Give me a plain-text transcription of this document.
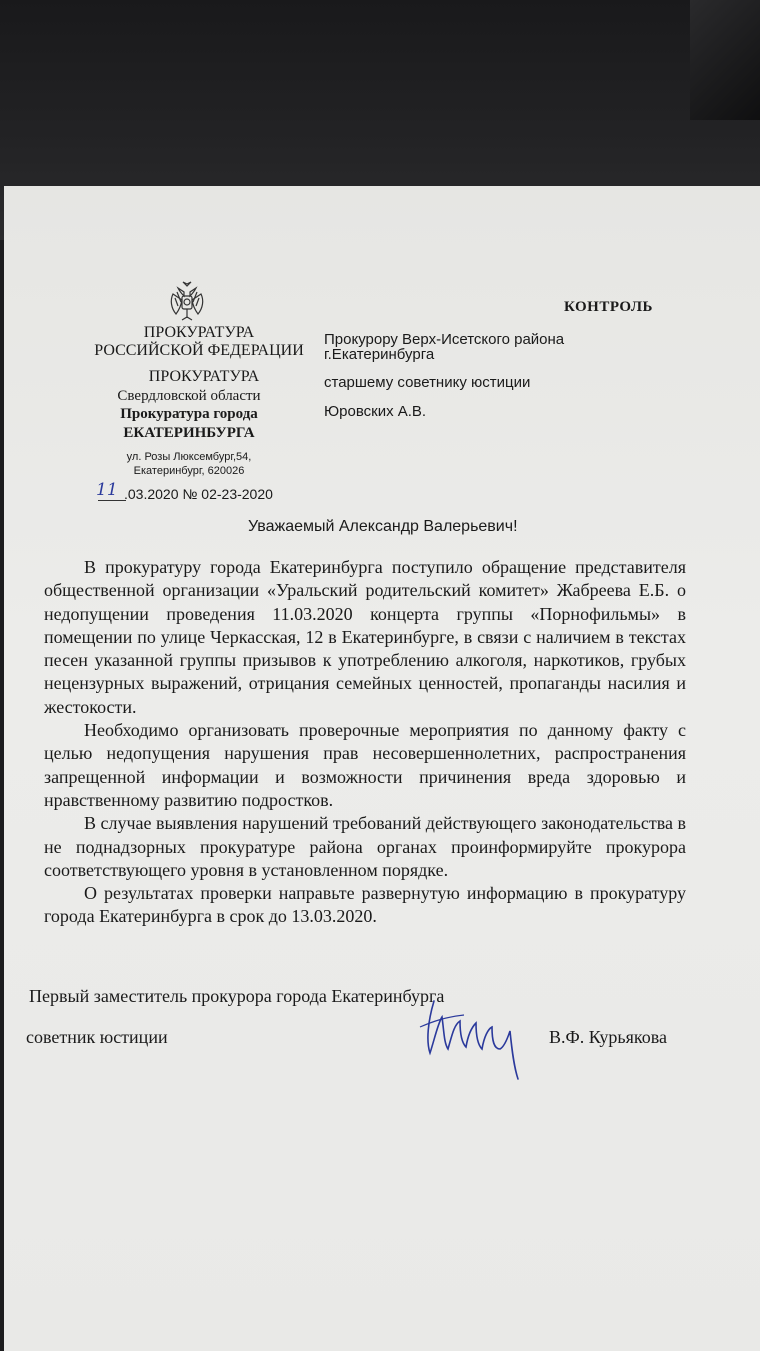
КОНТРОЛЬ
ПРОКУРАТУРА
РОССИЙСКОЙ ФЕДЕРАЦИИ
ПРОКУРАТУРА
Свердловской области
Прокуратура города
ЕКАТЕРИНБУРГА
ул. Розы Люксембург,54,
Екатеринбург, 620026
11 .03.2020 № 02-23-2020
Прокурору Верх-Исетского района
г.Екатеринбурга
старшему советнику юстиции
Юровских А.В.
Уважаемый Александр Валерьевич!

В прокуратуру города Екатеринбурга поступило обращение представителя общественной организации «Уральский родительский комитет» Жабреева Е.Б. о недопущении проведения 11.03.2020 концерта группы «Порнофильмы» в помещении по улице Черкасская, 12 в Екатеринбурге, в связи с наличием в текстах песен указанной группы призывов к употреблению алкоголя, наркотиков, грубых нецензурных выражений, отрицания семейных ценностей, пропаганды насилия и жестокости.

Необходимо организовать проверочные мероприятия по данному факту с целью недопущения нарушения прав несовершеннолетних, распространения запрещенной информации и возможности причинения вреда здоровью и нравственному развитию подростков.

В случае выявления нарушений требований действующего законодательства в не поднадзорных прокуратуре района органах проинформируйте прокурора соответствующего уровня в установленном порядке.

О результатах проверки направьте развернутую информацию в прокуратуру города Екатеринбурга в срок до 13.03.2020.

Первый заместитель прокурора города Екатеринбурга
советник юстиции	В.Ф. Курьякова
